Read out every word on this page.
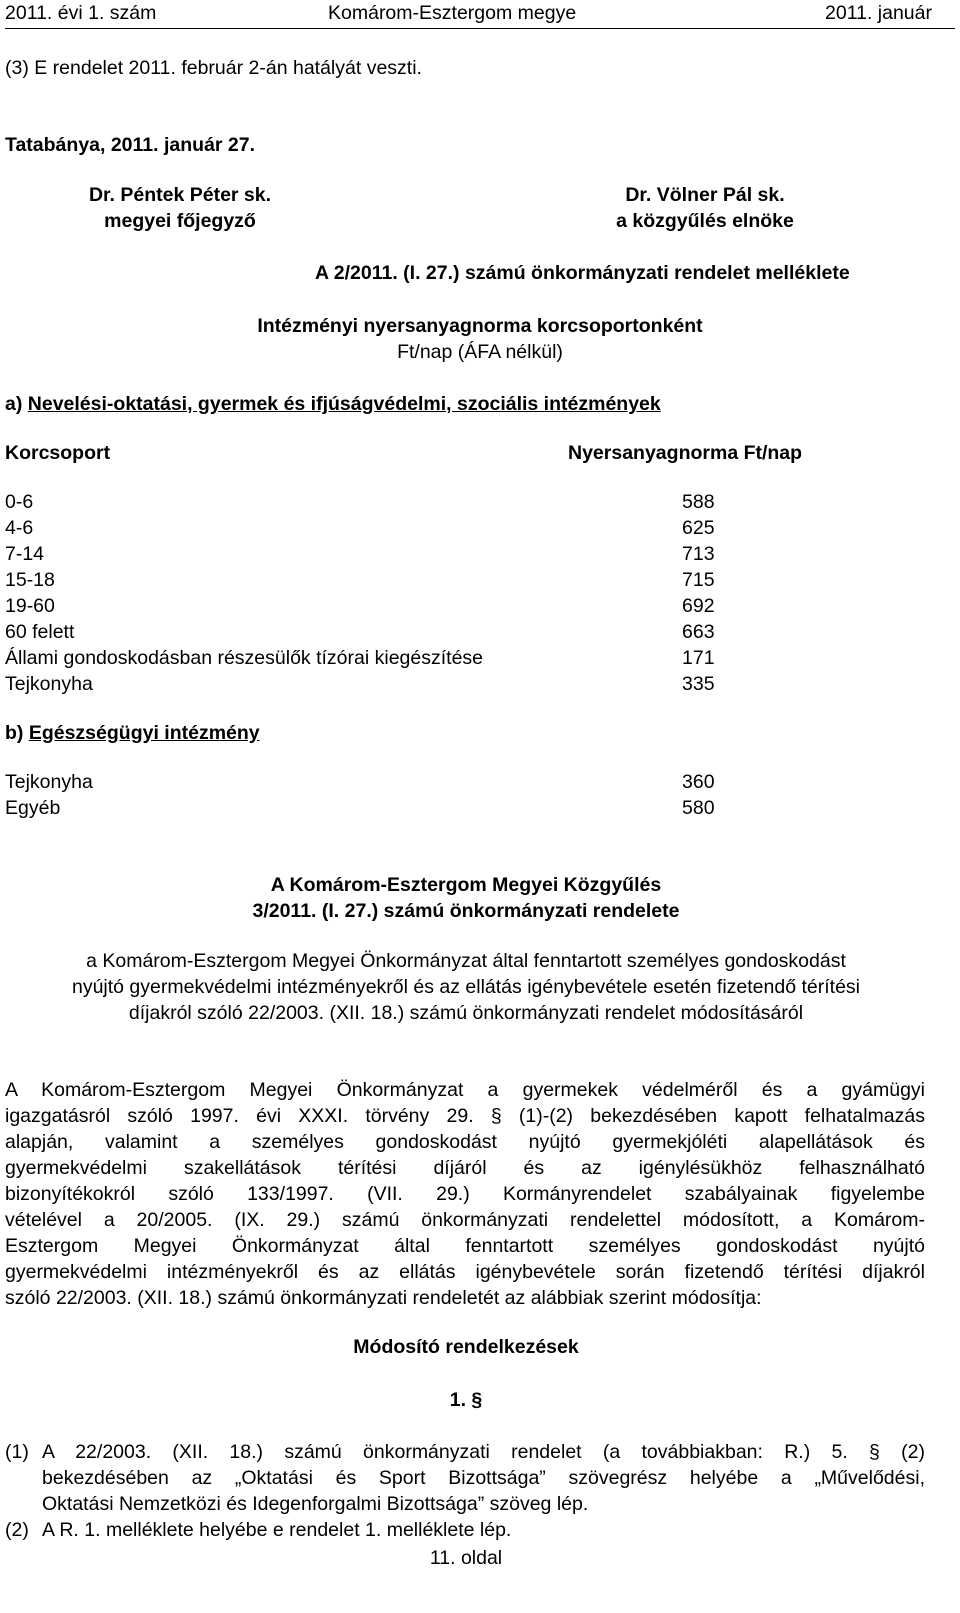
2011. évi 1. szám	Komárom-Esztergom megye	2011. január
(3) E rendelet 2011. február 2-án hatályát veszti.
Tatabánya, 2011. január 27.
Dr. Péntek Péter sk.
megyei főjegyző
Dr. Völner Pál sk.
a közgyűlés elnöke
A 2/2011. (I. 27.) számú önkormányzati rendelet melléklete
Intézményi nyersanyagnorma korcsoportonként
Ft/nap (ÁFA nélkül)
a) Nevelési-oktatási, gyermek és ifjúságvédelmi, szociális intézmények
Korcsoport	Nyersanyagnorma Ft/nap
0-6	588
4-6	625
7-14	713
15-18	715
19-60	692
60 felett	663
Állami gondoskodásban részesülők tízórai kiegészítése	171
Tejkonyha	335
b) Egészségügyi intézmény
Tejkonyha	360
Egyéb	580
A Komárom-Esztergom Megyei Közgyűlés
3/2011. (I. 27.) számú önkormányzati rendelete
a Komárom-Esztergom Megyei Önkormányzat által fenntartott személyes gondoskodást
nyújtó gyermekvédelmi intézményekről és az ellátás igénybevétele esetén fizetendő térítési
díjakról szóló 22/2003. (XII. 18.) számú önkormányzati rendelet módosításáról
A Komárom-Esztergom Megyei Önkormányzat a gyermekek védelméről és a gyámügyi
igazgatásról szóló 1997. évi XXXI. törvény 29. § (1)-(2) bekezdésében kapott felhatalmazás
alapján, valamint a személyes gondoskodást nyújtó gyermekjóléti alapellátások és
gyermekvédelmi szakellátások térítési díjáról és az igénylésükhöz felhasználható
bizonyítékokról szóló 133/1997. (VII. 29.) Kormányrendelet szabályainak figyelembe
vételével a 20/2005. (IX. 29.) számú önkormányzati rendelettel módosított, a Komárom-
Esztergom Megyei Önkormányzat által fenntartott személyes gondoskodást nyújtó
gyermekvédelmi intézményekről és az ellátás igénybevétele során fizetendő térítési díjakról
szóló 22/2003. (XII. 18.) számú önkormányzati rendeletét az alábbiak szerint módosítja:
Módosító rendelkezések
1. §
(1) A 22/2003. (XII. 18.) számú önkormányzati rendelet (a továbbiakban: R.) 5. § (2)
bekezdésében az „Oktatási és Sport Bizottsága” szövegrész helyébe a „Művelődési,
Oktatási Nemzetközi és Idegenforgalmi Bizottsága” szöveg lép.
(2) A R. 1. melléklete helyébe e rendelet 1. melléklete lép.
11. oldal
